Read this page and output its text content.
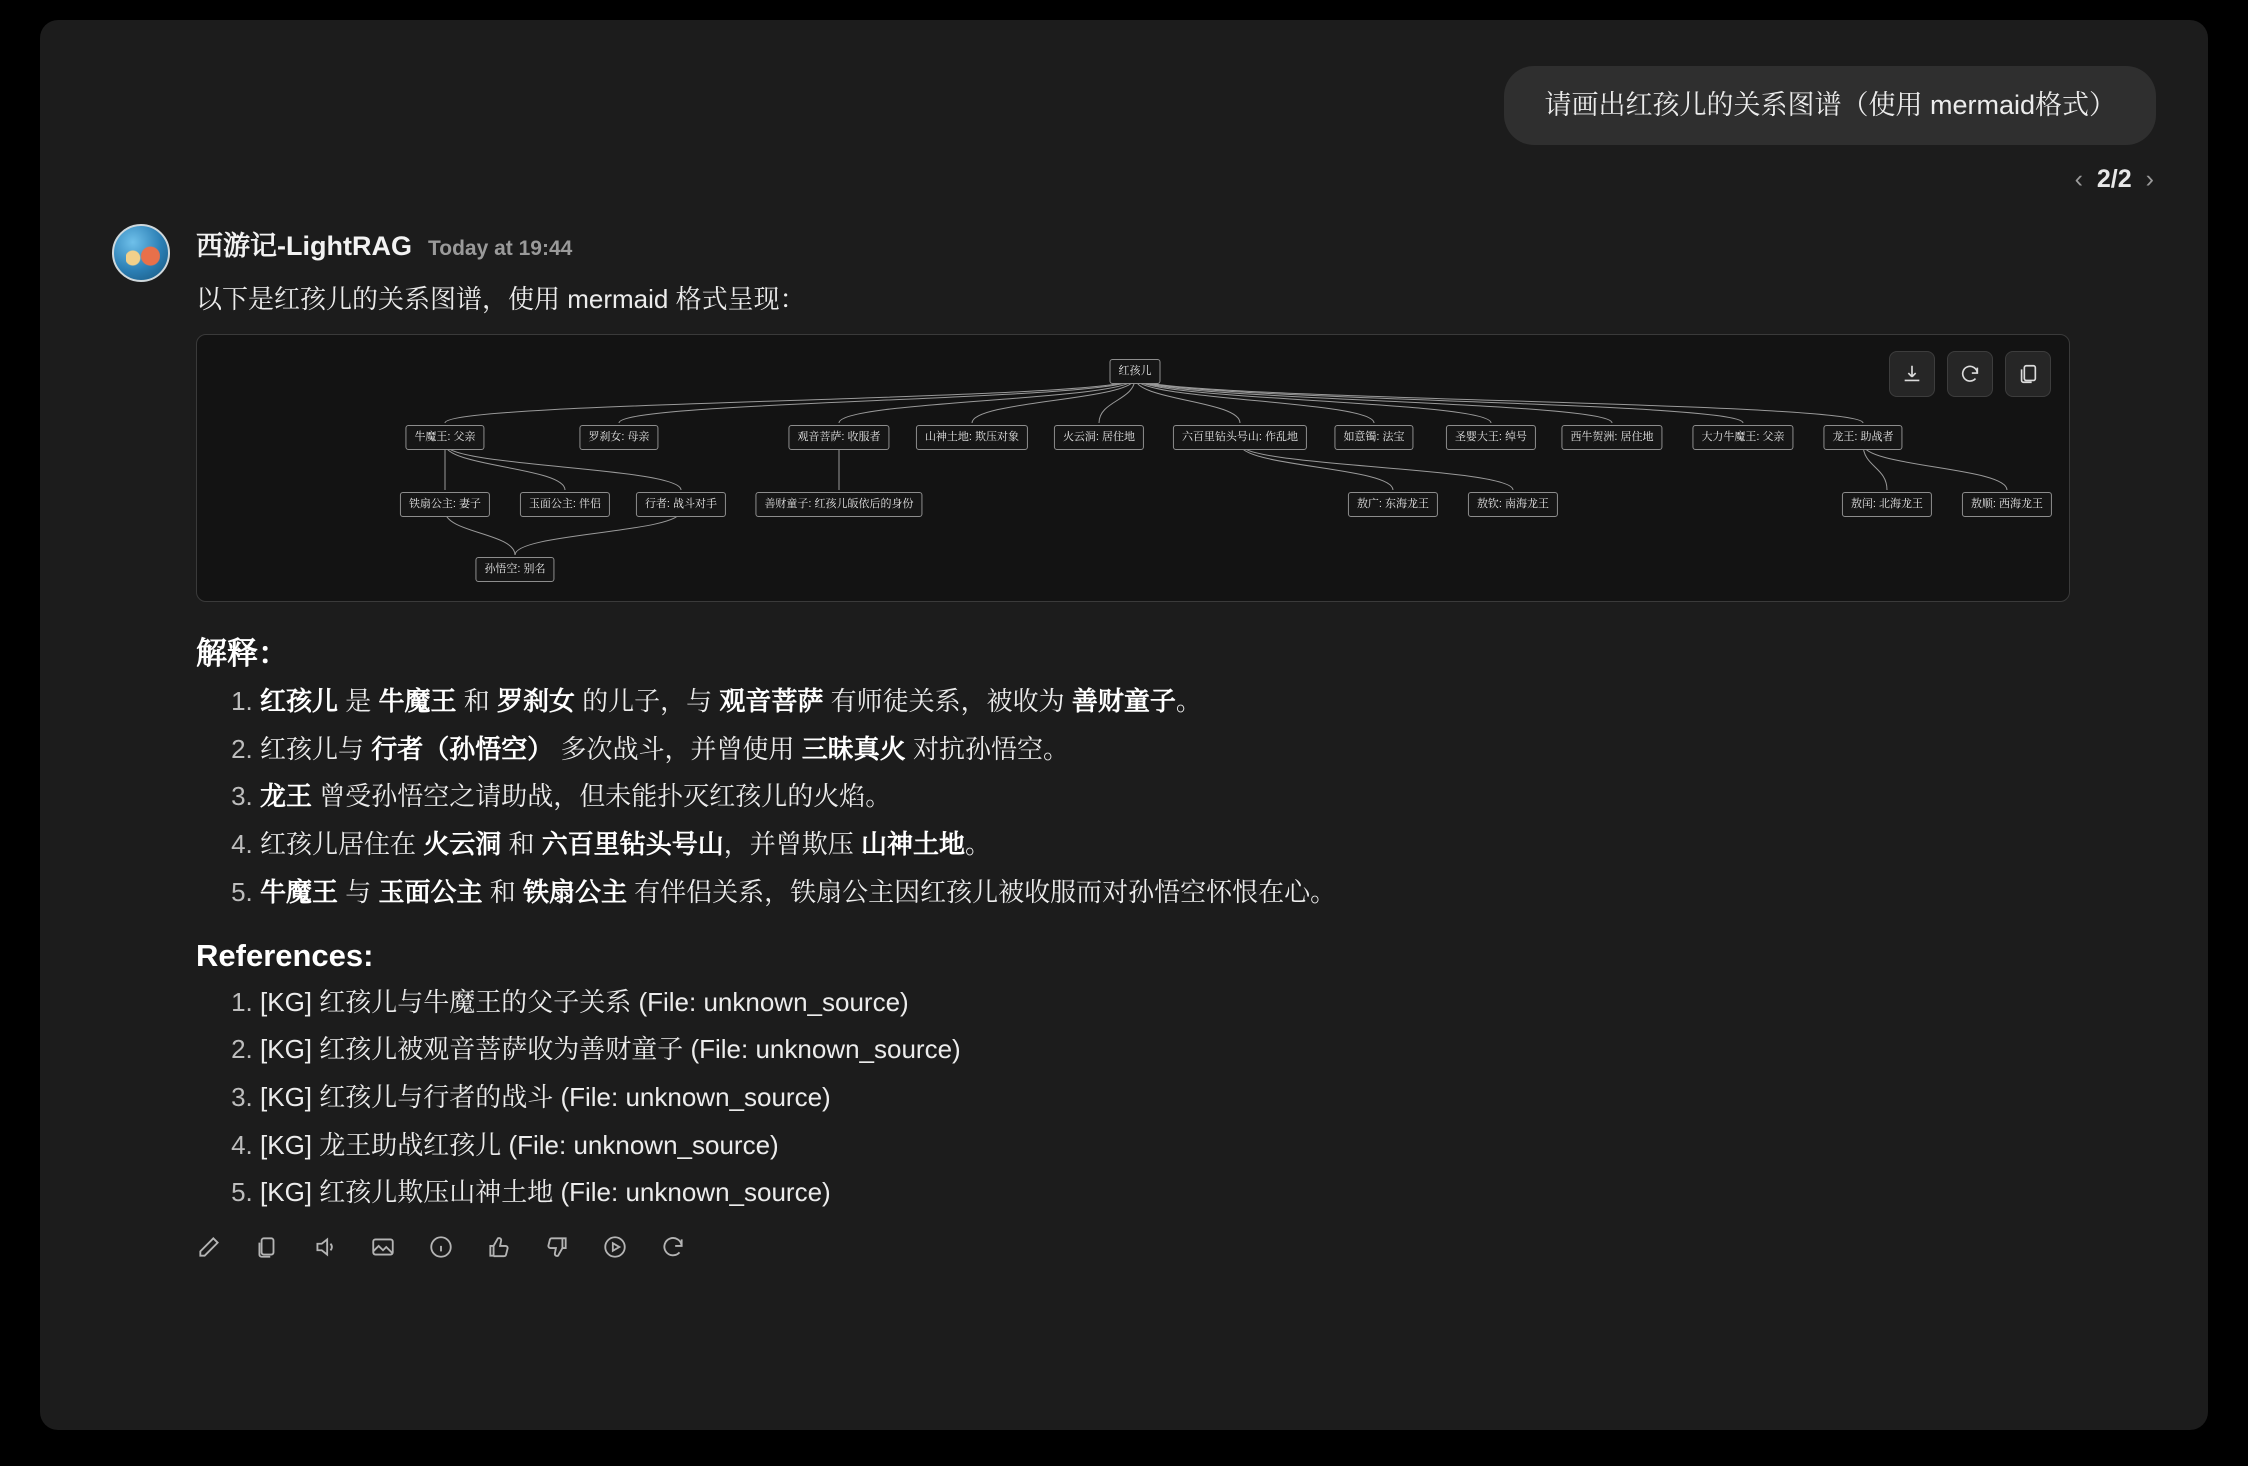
请画出红孩儿的关系图谱（使用 mermaid格式）
‹ 2/2 ›
西游记-LightRAG Today at 19:44
以下是红孩儿的关系图谱，使用 mermaid 格式呈现：
红孩儿
牛魔王: 父亲	罗刹女: 母亲	观音菩萨: 收服者	山神土地: 欺压对象	火云洞: 居住地	六百里钻头号山: 作乱地	如意镯: 法宝	圣婴大王: 绰号	西牛贺洲: 居住地	大力牛魔王: 父亲	龙王: 助战者
铁扇公主: 妻子	玉面公主: 伴侣	行者: 战斗对手	善财童子: 红孩儿皈依后的身份	敖广: 东海龙王	敖钦: 南海龙王	敖闰: 北海龙王	敖顺: 西海龙王
孙悟空: 别名
解释：
1. 红孩儿 是 牛魔王 和 罗刹女 的儿子，与 观音菩萨 有师徒关系，被收为 善财童子。
2. 红孩儿与 行者（孙悟空） 多次战斗，并曾使用 三昧真火 对抗孙悟空。
3. 龙王 曾受孙悟空之请助战，但未能扑灭红孩儿的火焰。
4. 红孩儿居住在 火云洞 和 六百里钻头号山，并曾欺压 山神土地。
5. 牛魔王 与 玉面公主 和 铁扇公主 有伴侣关系，铁扇公主因红孩儿被收服而对孙悟空怀恨在心。
References:
1. [KG] 红孩儿与牛魔王的父子关系 (File: unknown_source)
2. [KG] 红孩儿被观音菩萨收为善财童子 (File: unknown_source)
3. [KG] 红孩儿与行者的战斗 (File: unknown_source)
4. [KG] 龙王助战红孩儿 (File: unknown_source)
5. [KG] 红孩儿欺压山神土地 (File: unknown_source)
